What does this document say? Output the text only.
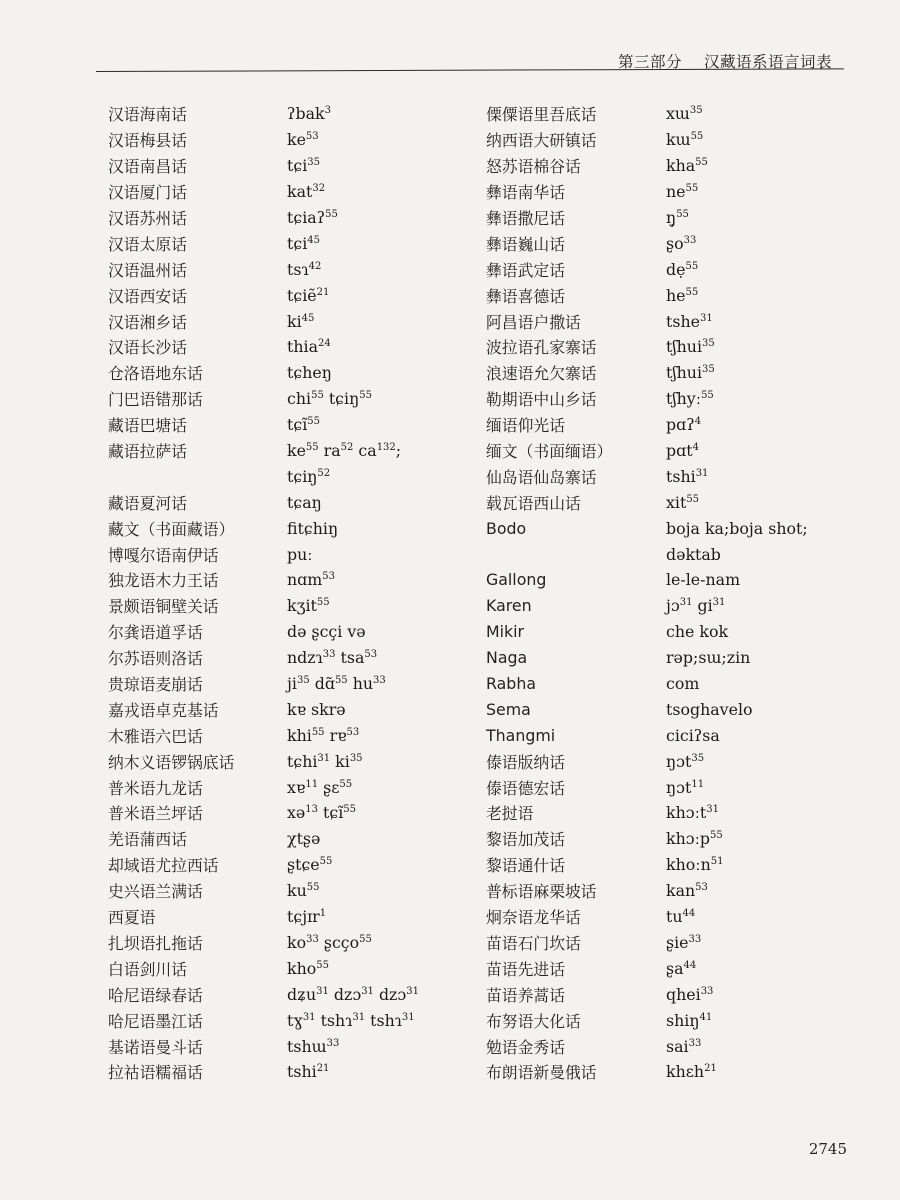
第三部分 汉藏语系语言词表
汉语海南话	ʔbak$^3$
汉语梅县话	$ke^{53}$
汉语南昌话	tɕi$^{35}$
汉语厦门话	kat$^{32}$
汉语苏州话	tɕiaʔ$^{55}$
汉语太原话	tɕi$^{45}$
汉语温州话	tsɿ$^{42}$
汉语西安话	tɕiẽ$^{21}$
汉语湘乡话	$ki^{45}$
汉语长沙话	thia$^{24}$
仓洛语地东话	tɕheŋ
门巴语错那话	chi$^{55}$ tɕiŋ$^{55}$
藏语巴塘话	tɕĩ$^{55}$
藏语拉萨话	$ke^{55}$ $ra^{52}$ $ca^{132}$;
tɕiŋ$^{52}$
藏语夏河话	tɕaŋ
藏文（书面藏语）	fitɕhiŋ
博嘎尔语南伊话	puː
独龙语木力王话	nɑm$^{53}$
景颇语铜壁关话	kʒit$^{55}$
尔龚语道孚话	də ʂcçi və
尔苏语则洛话	ndzɿ$^{33}$ tsa$^{53}$
贵琼语麦崩话	$ji^{35}$ dɑ̃$^{55}$ $hu^{33}$
嘉戎语卓克基话	kɐ skrə
木雅语六巴话	khi$^{55}$ rɐ$^{53}$
纳木义语锣锅底话	tɕhi$^{31}$ $ki^{35}$
普米语九龙话	xɐ$^{11}$ ʂɛ$^{55}$
普米语兰坪话	xə$^{13}$ tɕĩ$^{55}$
羌语蒲西话	χtʂə
却域语尤拉西话	ʂtɕe$^{55}$
史兴语兰满话	$ku^{55}$
西夏语	tɕjɪr$^1$
扎坝语扎拖话	$ko^{33}$ ʂcço$^{55}$
白语剑川话	kho$^{55}$
哈尼语绿春话	dʑu$^{31}$ dzɔ$^{31}$ dzɔ$^{31}$
哈尼语墨江话	tɣ$^{31}$ tshɿ$^{31}$ tshɿ$^{31}$
基诺语曼斗话	tshɯ$^{33}$
拉祜语糯福话	tshi$^{21}$
傈僳语里吾底话	xɯ$^{35}$
纳西语大研镇话	kɯ$^{55}$
怒苏语棉谷话	kha$^{55}$
彝语南华话	$ne^{55}$
彝语撒尼话	ŋ̩$^{55}$
彝语巍山话	ʂo$^{33}$
彝语武定话	dẹ$^{55}$
彝语喜德话	$he^{55}$
阿昌语户撒话	tshe$^{31}$
波拉语孔家寨话	tʃhui$^{35}$
浪速语允欠寨话	tʃhui$^{35}$
勒期语中山乡话	tʃhyː$^{55}$
缅语仰光话	pɑʔ$^4$
缅文（书面缅语）	pɑt$^4$
仙岛语仙岛寨话	tshi$^{31}$
载瓦语西山话	xit$^{55}$
Bodo	boja ka;boja shot;
dəktab
Gallong	le-le-nam
Karen	jɔ$^{31}$ $gi^{31}$
Mikir	che kok
Naga	rəp;sɯ;zin
Rabha	com
Sema	tsoghavelo
Thangmi	ciciʔsa
傣语版纳话	ŋɔt$^{35}$
傣语德宏话	ŋɔt$^{11}$
老挝语	khɔːt$^{31}$
黎语加茂话	khɔːp$^{55}$
黎语通什话	khoːn$^{51}$
普标语麻栗坡话	kan$^{53}$
炯奈语龙华话	$tu^{44}$
苗语石门坎话	ʂie$^{33}$
苗语先进话	ʂa$^{44}$
苗语养蒿话	qhei$^{33}$
布努语大化话	shiŋ$^{41}$
勉语金秀话	sai$^{33}$
布朗语新曼俄话	khɛh$^{21}$
2745
